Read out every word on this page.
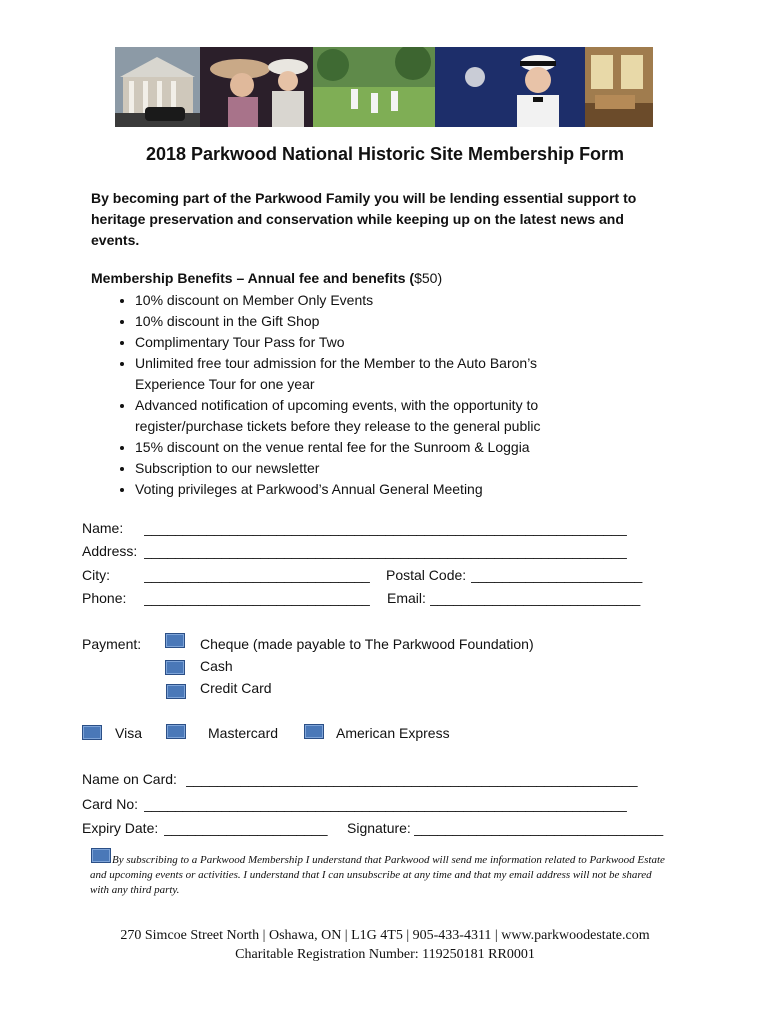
2018 Parkwood National Historic Site Membership Form
By becoming part of the Parkwood Family you will be lending essential support to heritage preservation and conservation while keeping up on the latest news and events.
Membership Benefits – Annual fee and benefits ($50)
• 10% discount on Member Only Events
• 10% discount in the Gift Shop
• Complimentary Tour Pass for Two
• Unlimited free tour admission for the Member to the Auto Baron’s Experience Tour for one year
• Advanced notification of upcoming events, with the opportunity to register/purchase tickets before they release to the general public
• 15% discount on the venue rental fee for the Sunroom & Loggia
• Subscription to our newsletter
• Voting privileges at Parkwood’s Annual General Meeting
Name: ______________________________________________________________
Address: ______________________________________________________________
City: _____________________________	Postal Code: ______________________
Phone: _____________________________	Email: ___________________________
Payment:	Cheque (made payable to The Parkwood Foundation)
Cash
Credit Card
Visa	Mastercard	American Express
Name on Card: __________________________________________________________
Card No: ______________________________________________________________
Expiry Date: _____________________	Signature: ________________________________
By subscribing to a Parkwood Membership I understand that Parkwood will send me information related to Parkwood Estate and upcoming events or activities. I understand that I can unsubscribe at any time and that my email address will not be shared with any third party.
270 Simcoe Street North | Oshawa, ON | L1G 4T5 | 905-433-4311 | www.parkwoodestate.com
Charitable Registration Number: 119250181 RR0001
